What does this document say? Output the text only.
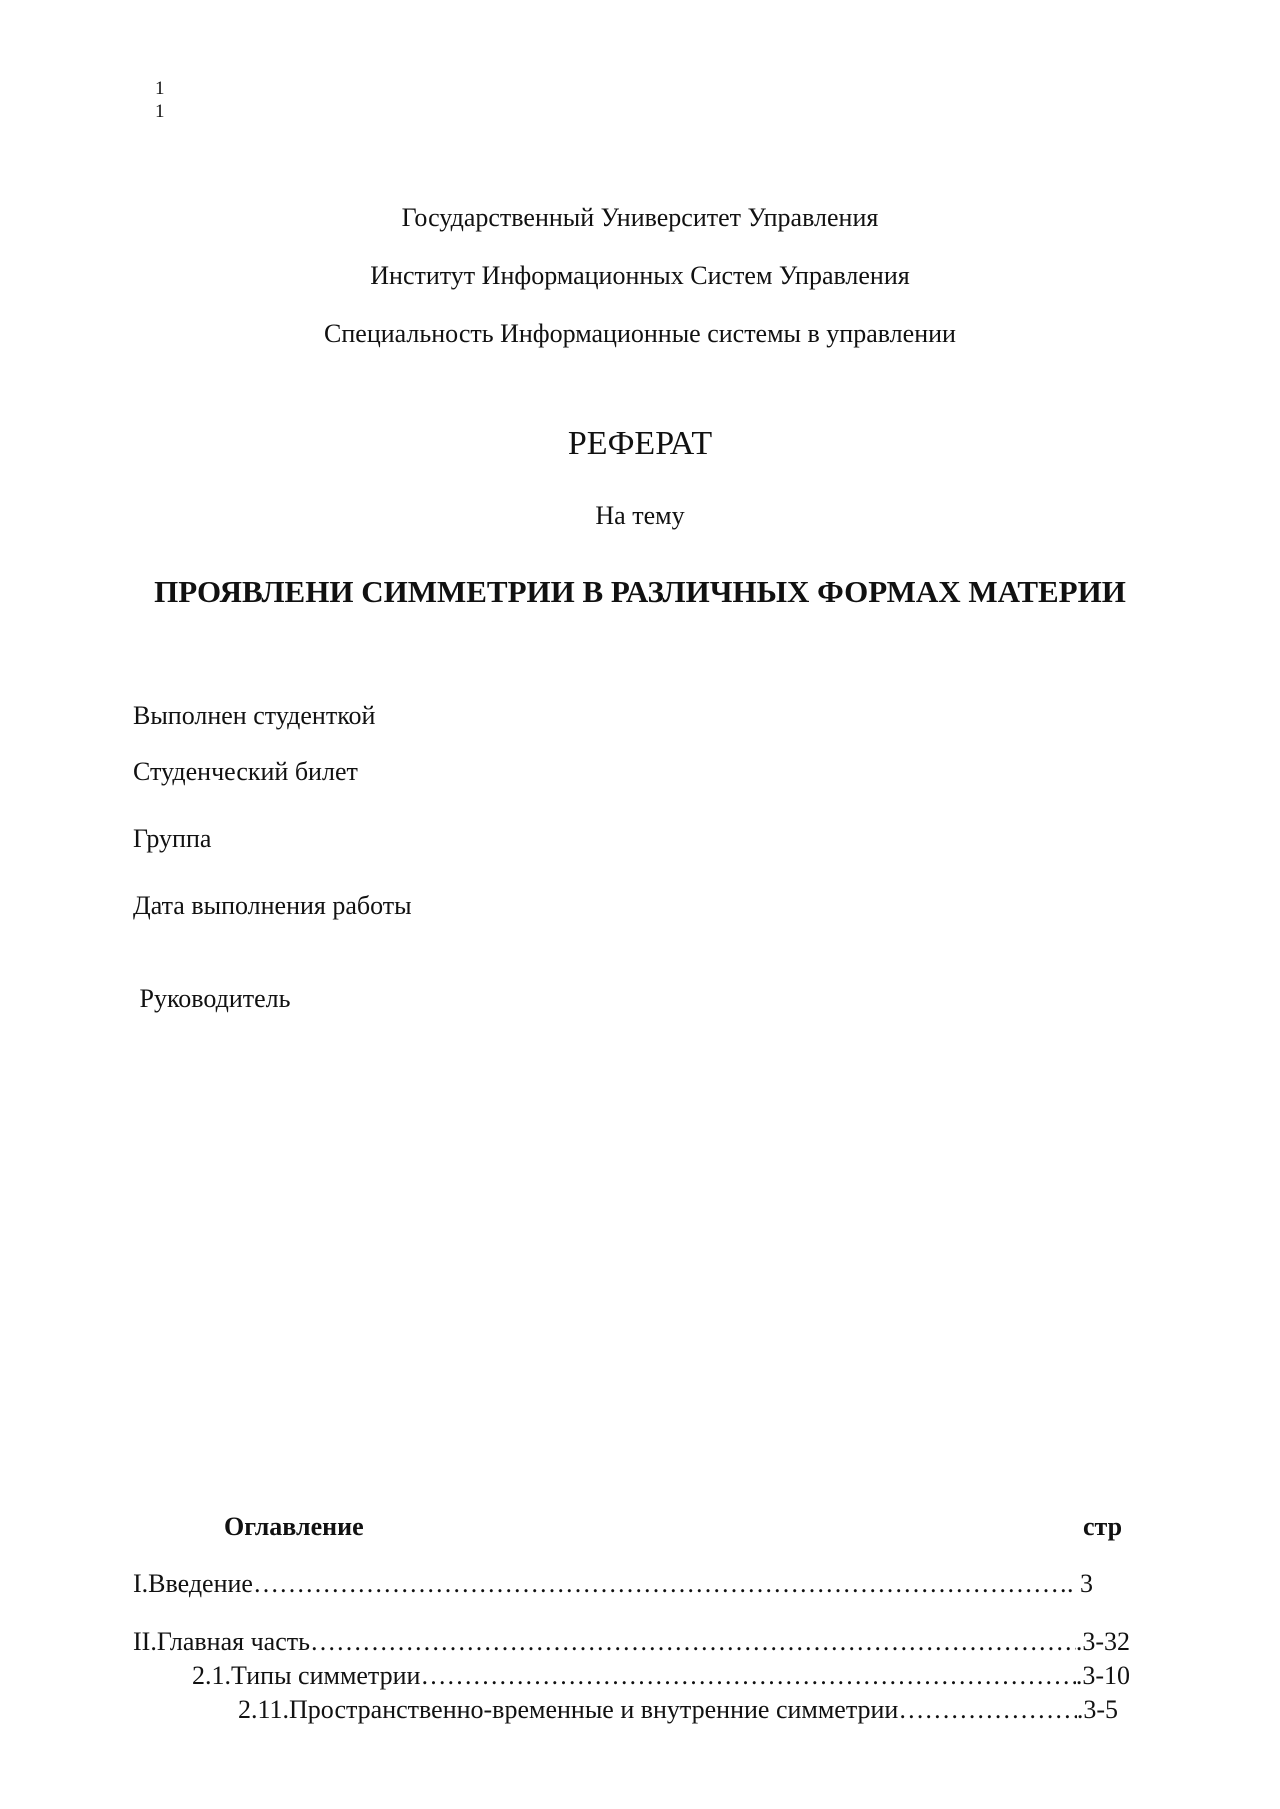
1
1
Государственный Университет Управления
Институт Информационных Систем Управления
Специальность Информационные системы в управлении
РЕФЕРАТ
На тему
ПРОЯВЛЕНИ СИММЕТРИИ В РАЗЛИЧНЫХ ФОРМАХ МАТЕРИИ
Выполнен студенткой
Студенческий билет
Группа
Дата выполнения работы
Руководитель
Оглавление	стр
I.Введение …………………………………………………………………………………………………………………………………………………………………………	. 3
II.Главная часть …………………………………………………………………………………………………………………………………………………………………………	.3-32
2.1.Типы симметрии …………………………………………………………………………………………………………………………………………………………………………	.3-10
2.11.Пространственно-временные и внутренние симметрии …………………………………………………………………………………………………………………………………………………………………………	.3-5
